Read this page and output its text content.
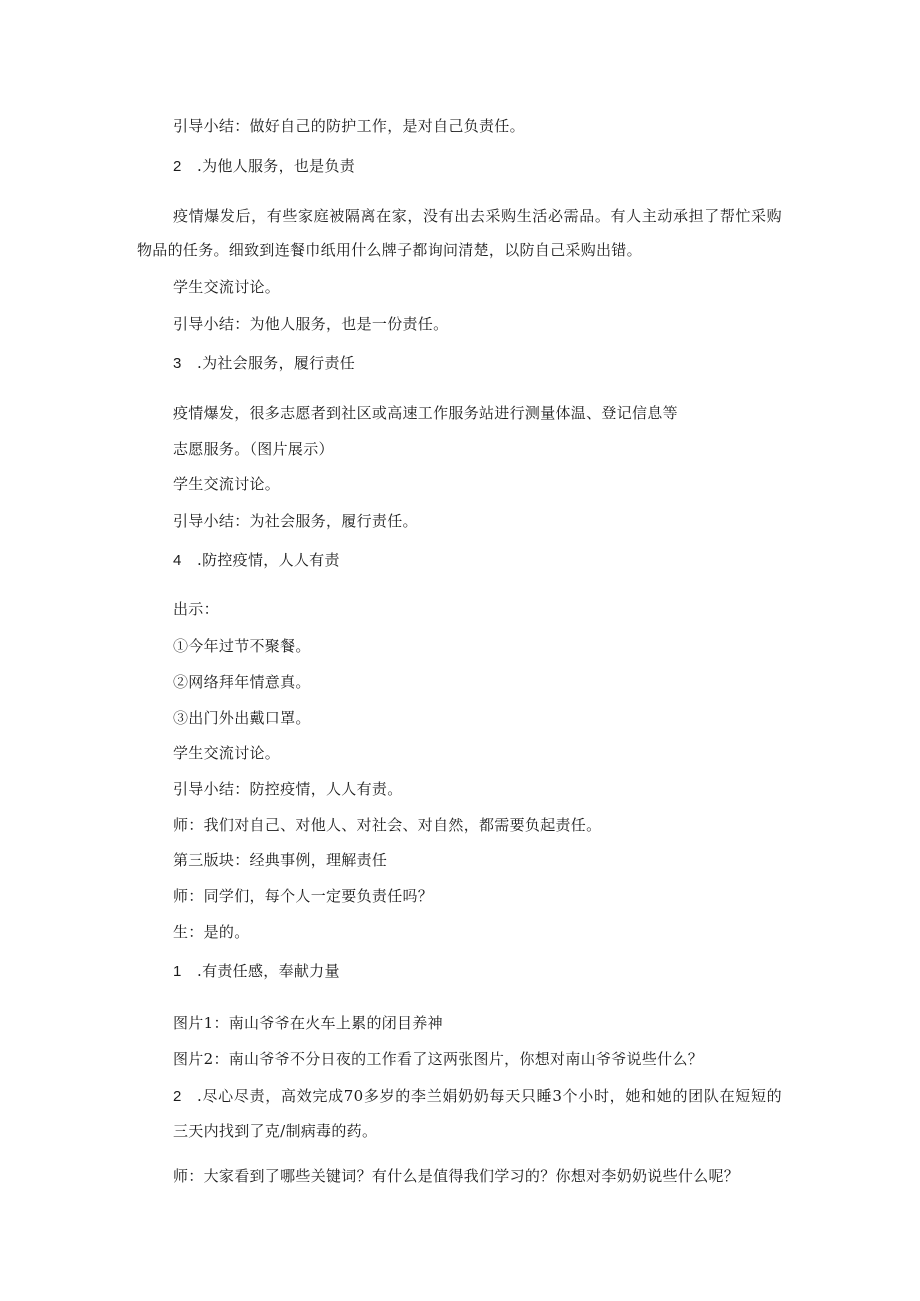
引导小结：做好自己的防护工作，是对自己负责任。
2 .为他人服务，也是负责
疫情爆发后，有些家庭被隔离在家，没有出去采购生活必需品。有人主动承担了帮忙采购物品的任务。细致到连餐巾纸用什么牌子都询问清楚，以防自己采购出错。
学生交流讨论。
引导小结：为他人服务，也是一份责任。
3 .为社会服务，履行责任
疫情爆发，很多志愿者到社区或高速工作服务站进行测量体温、登记信息等
志愿服务。（图片展示）
学生交流讨论。
引导小结：为社会服务，履行责任。
4 .防控疫情，人人有责
出示：
①今年过节不聚餐。
②网络拜年情意真。
③出门外出戴口罩。
学生交流讨论。
引导小结：防控疫情，人人有责。
师：我们对自己、对他人、对社会、对自然，都需要负起责任。
第三版块：经典事例，理解责任
师：同学们，每个人一定要负责任吗？
生：是的。
1 .有责任感，奉献力量
图片1：南山爷爷在火车上累的闭目养神
图片2：南山爷爷不分日夜的工作看了这两张图片，你想对南山爷爷说些什么？
2 .尽心尽责，高效完成70多岁的李兰娟奶奶每天只睡3个小时，她和她的团队在短短的三天内找到了克/制病毒的药。
师：大家看到了哪些关键词？有什么是值得我们学习的？你想对李奶奶说些什么呢？
